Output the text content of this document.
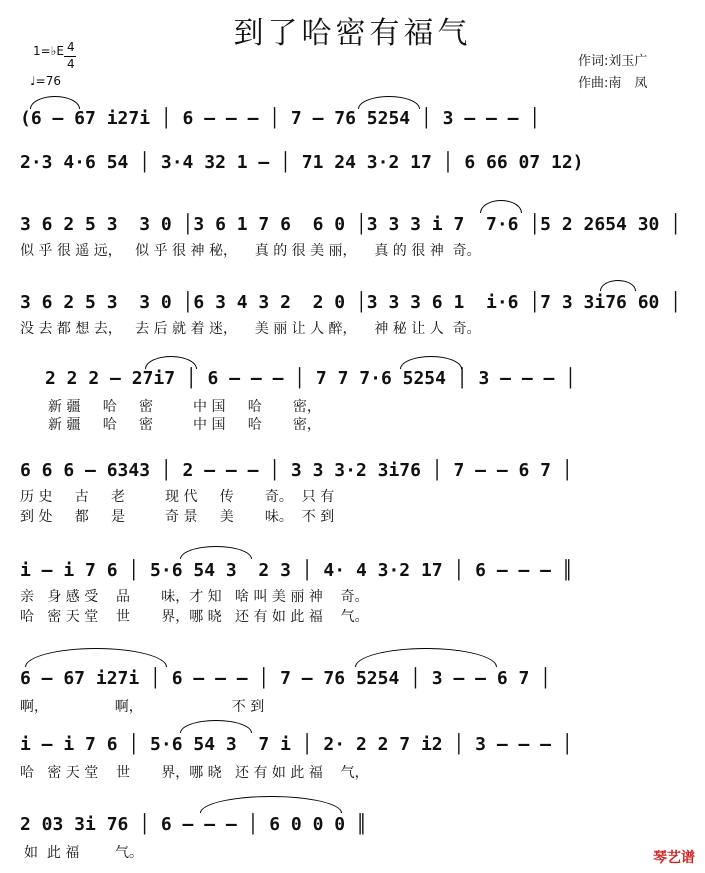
到了哈密有福气
1=♭E 4
4
♩=76
作词:刘玉广
作曲:南　凤
(6 – 67 i27i │ 6 – – – │ 7 – 76 5254 │ 3 – – – │
2·3 4·6 54 │ 3·4 32 1 – │ 71 24 3·2 17 │ 6 66 07 12)
3 6 2 5 3  3 0 │3 6 1 7 6  6 0 │3 3 3 i 7  7·6 │5 2 2654 30 │
似 乎 很 遥 远，   似 乎 很 神 秘，    真 的 很 美 丽，    真 的 很 神  奇。
3 6 2 5 3  3 0 │6 3 4 3 2  2 0 │3 3 3 6 1  i·6 │7 3 3i76 60 │
没 去 都 想 去，   去 后 就 着 迷，    美 丽 让 人 醉，    神 秘 让 人  奇。
2 2 2 – 27i7 │ 6 – – – │ 7 7 7·6 5254 │ 3 – – – │
新 疆     哈     密         中 国     哈       密，
新 疆     哈     密         中 国     哈       密，
6 6 6 – 6343 │ 2 – – – │ 3 3 3·2 3i76 │ 7 – – 6 7 │
历 史     古     老         现 代     传       奇。  只 有
到 处     都     是         奇 景     美       味。  不 到
i – i 7 6 │ 5·6 54 3  2 3 │ 4· 4 3·2 17 │ 6 – – – ║
亲   身 感 受    品       味，才 知   啥 叫 美 丽 神    奇。
哈   密 天 堂    世       界，哪 晓   还 有 如 此 福    气。
6 – 67 i27i │ 6 – – – │ 7 – 76 5254 │ 3 – – 6 7 │
啊，               啊，                    不 到
i – i 7 6 │ 5·6 54 3  7 i │ 2· 2 2 7 i2 │ 3 – – – │
哈   密 天 堂    世       界，哪 晓   还 有 如 此 福    气，
2 03 3i 76 │ 6 – – – │ 6 0 0 0 ║
如  此 福        气。	琴艺谱
